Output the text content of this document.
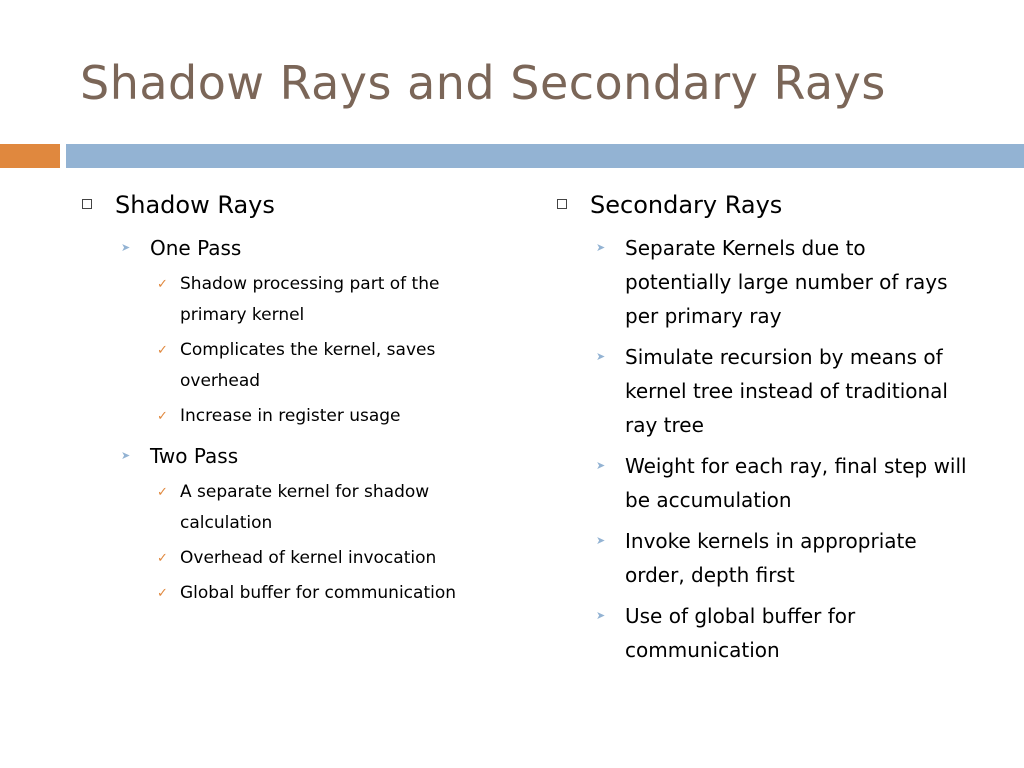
Shadow Rays and Secondary Rays
Shadow Rays
➤ One Pass
✓ Shadow processing part of the primary kernel
✓ Complicates the kernel, saves overhead
✓ Increase in register usage
➤ Two Pass
✓ A separate kernel for shadow calculation
✓ Overhead of kernel invocation
✓ Global buffer for communication
Secondary Rays
➤ Separate Kernels due to potentially large number of rays per primary ray
➤ Simulate recursion by means of kernel tree instead of traditional ray tree
➤ Weight for each ray, final step will be accumulation
➤ Invoke kernels in appropriate order, depth first
➤ Use of global buffer for communication
